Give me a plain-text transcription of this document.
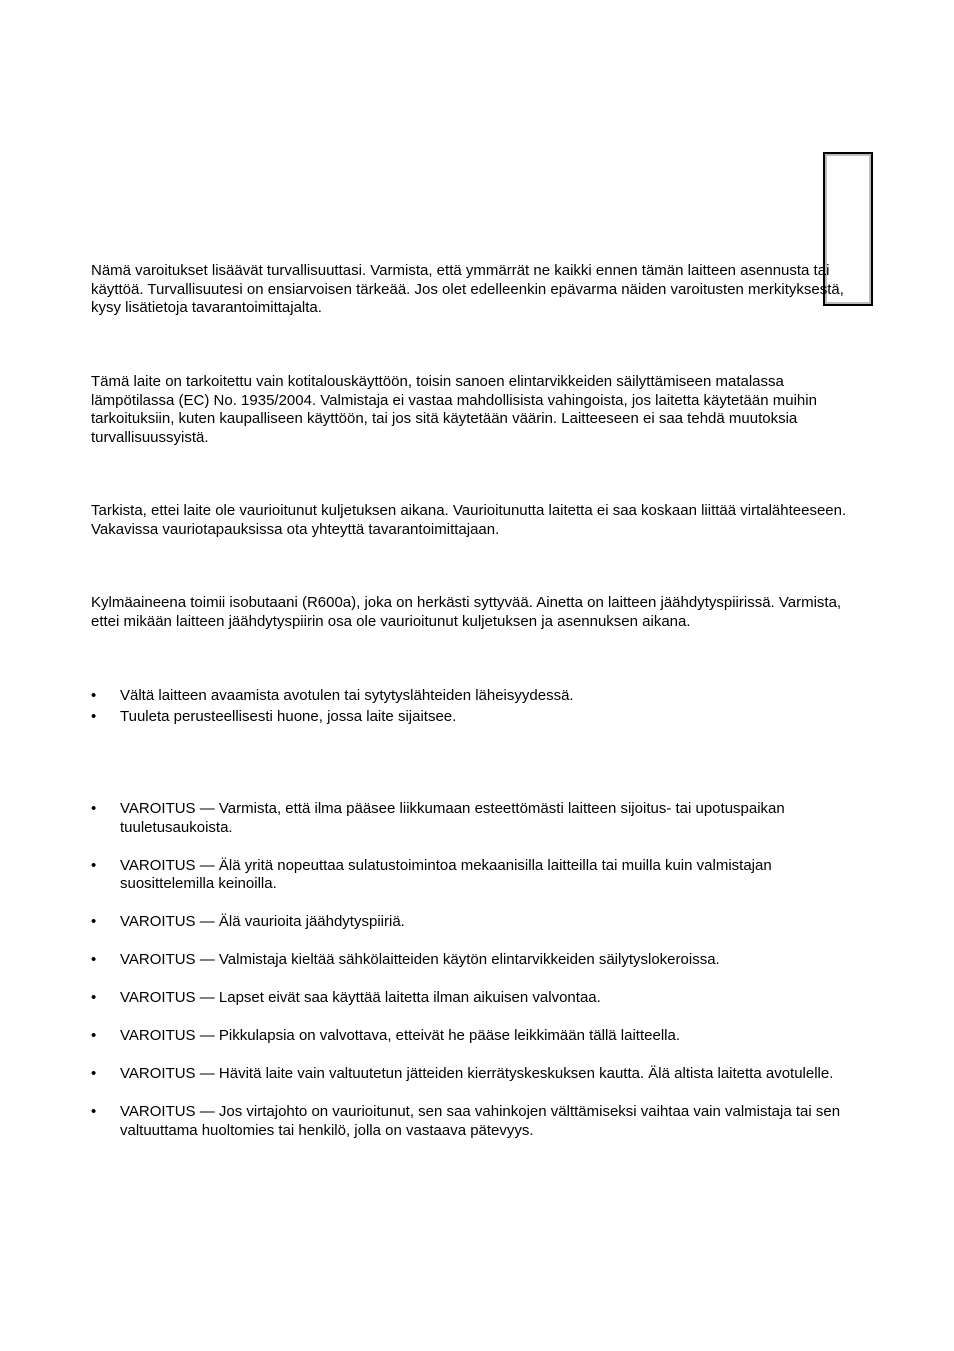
Nämä varoitukset lisäävät turvallisuuttasi. Varmista, että ymmärrät ne kaikki ennen tämän laitteen asennusta tai käyttöä. Turvallisuutesi on ensiarvoisen tärkeää. Jos olet edelleenkin epävarma näiden varoitusten merkityksestä, kysy lisätietoja tavarantoimittajalta.

Tämä laite on tarkoitettu vain kotitalouskäyttöön, toisin sanoen elintarvikkeiden säilyttämiseen matalassa lämpötilassa (EC) No. 1935/2004. Valmistaja ei vastaa mahdollisista vahingoista, jos laitetta käytetään muihin tarkoituksiin, kuten kaupalliseen käyttöön, tai jos sitä käytetään väärin. Laitteeseen ei saa tehdä muutoksia turvallisuussyistä.

Tarkista, ettei laite ole vaurioitunut kuljetuksen aikana. Vaurioitunutta laitetta ei saa koskaan liittää virtalähteeseen. Vakavissa vauriotapauksissa ota yhteyttä tavarantoimittajaan.

Kylmäaineena toimii isobutaani (R600a), joka on herkästi syttyvää. Ainetta on laitteen jäähdytyspiirissä. Varmista, ettei mikään laitteen jäähdytyspiirin osa ole vaurioitunut kuljetuksen ja asennuksen aikana.

•	Vältä laitteen avaamista avotulen tai sytytyslähteiden läheisyydessä.
•	Tuuleta perusteellisesti huone, jossa laite sijaitsee.
•	VAROITUS — Varmista, että ilma pääsee liikkumaan esteettömästi laitteen sijoitus- tai upotuspaikan tuuletusaukoista.
•	VAROITUS — Älä yritä nopeuttaa sulatustoimintoa mekaanisilla laitteilla tai muilla kuin valmistajan suosittelemilla keinoilla.
•	VAROITUS — Älä vaurioita jäähdytyspiiriä.
•	VAROITUS — Valmistaja kieltää sähkölaitteiden käytön elintarvikkeiden säilytyslokeroissa.
•	VAROITUS — Lapset eivät saa käyttää laitetta ilman aikuisen valvontaa.
•	VAROITUS — Pikkulapsia on valvottava, etteivät he pääse leikkimään tällä laitteella.
•	VAROITUS — Hävitä laite vain valtuutetun jätteiden kierrätyskeskuksen kautta. Älä altista laitetta avotulelle.
•	VAROITUS — Jos virtajohto on vaurioitunut, sen saa vahinkojen välttämiseksi vaihtaa vain valmistaja tai sen valtuuttama huoltomies tai henkilö, jolla on vastaava pätevyys.
